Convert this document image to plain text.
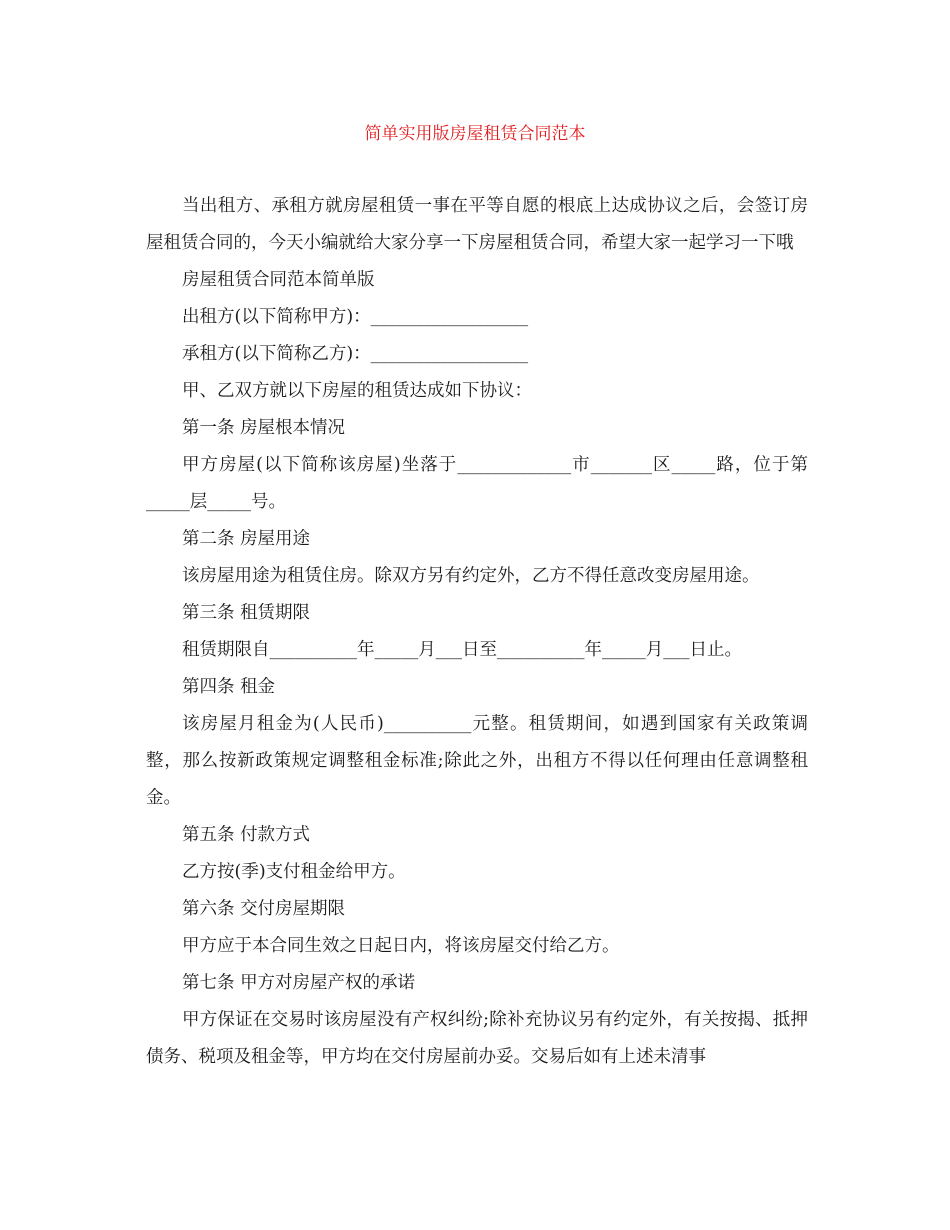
简单实用版房屋租赁合同范本

当出租方、承租方就房屋租赁一事在平等自愿的根底上达成协议之后，会签订房屋租赁合同的，今天小编就给大家分享一下房屋租赁合同，希望大家一起学习一下哦

房屋租赁合同范本简单版

出租方(以下简称甲方)：__________________

承租方(以下简称乙方)：__________________

甲、乙双方就以下房屋的租赁达成如下协议：

第一条 房屋根本情况

甲方房屋(以下简称该房屋)坐落于_____________市_______区_____路，位于第_____层_____号。

第二条 房屋用途

该房屋用途为租赁住房。除双方另有约定外，乙方不得任意改变房屋用途。

第三条 租赁期限

租赁期限自__________年_____月___日至__________年_____月___日止。

第四条 租金

该房屋月租金为(人民币)__________元整。租赁期间，如遇到国家有关政策调整，那么按新政策规定调整租金标准;除此之外，出租方不得以任何理由任意调整租金。

第五条 付款方式

乙方按(季)支付租金给甲方。

第六条 交付房屋期限

甲方应于本合同生效之日起日内，将该房屋交付给乙方。

第七条 甲方对房屋产权的承诺

甲方保证在交易时该房屋没有产权纠纷;除补充协议另有约定外，有关按揭、抵押债务、税项及租金等，甲方均在交付房屋前办妥。交易后如有上述未清事
